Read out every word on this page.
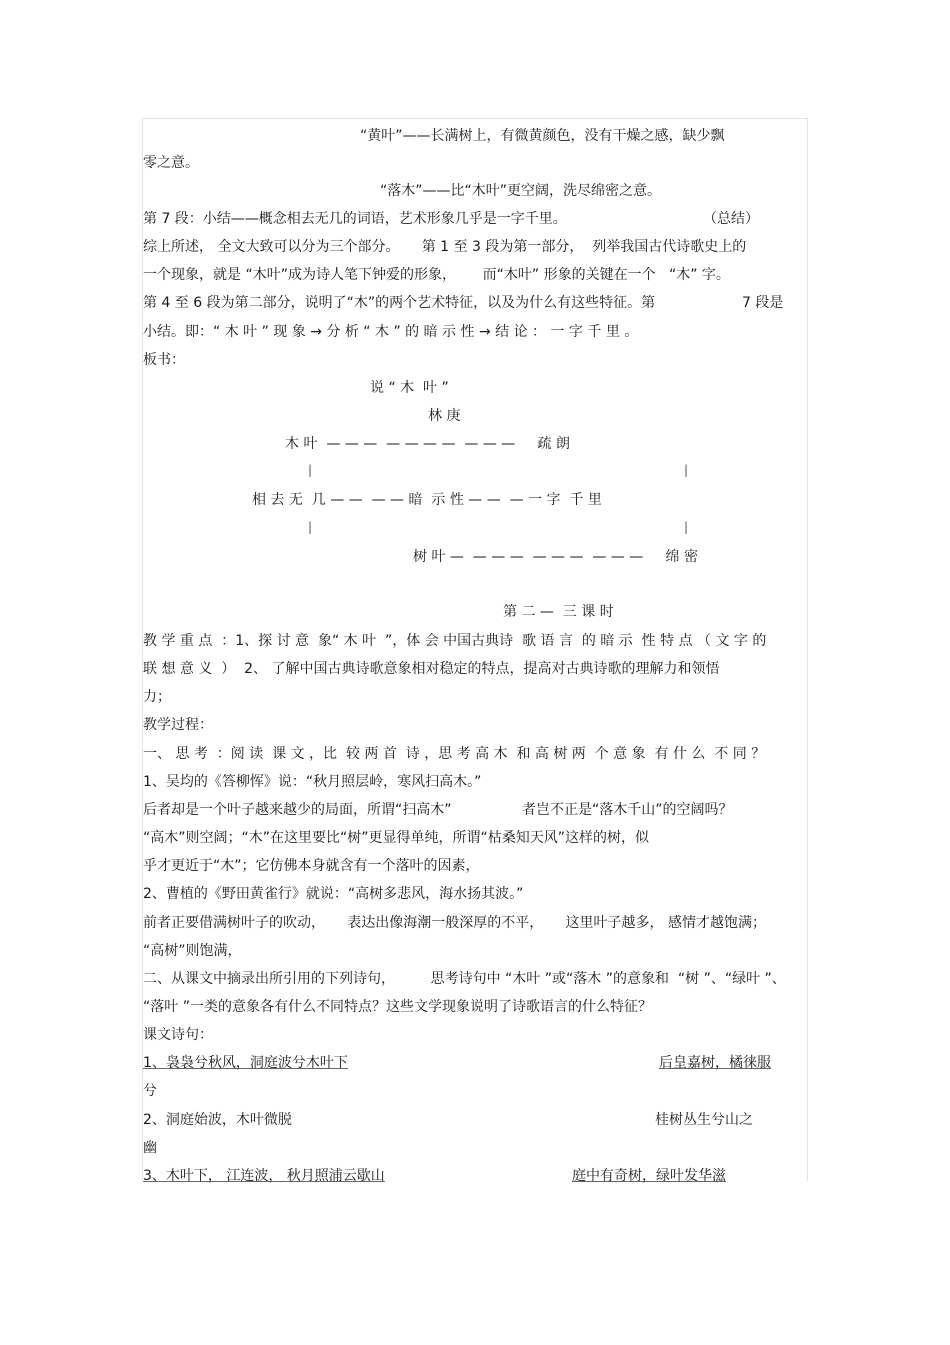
“黄叶”——长满树上，有微黄颜色，没有干燥之感，缺少飘
零之意。
“落木”——比“木叶”更空阔，洗尽绵密之意。
第 7 段：小结——概念相去无几的词语，艺术形象几乎是一字千里。	（总结）
综上所述， 全文大致可以分为三个部分。     第 1 至 3 段为第一部分，  列举我国古代诗歌史上的
一个现象，就是 “木叶”成为诗人笔下钟爱的形象，      而“木叶” 形象的关键在一个   “木” 字。
第 4 至 6 段为第二部分，说明了“木”的两个艺术特征，以及为什么有这些特征。第	7 段是
小结。即：“ 木 叶 ” 现 象 → 分 析 “ 木 ” 的 暗 示 性 → 结 论 ： 一 字 千 里 。
板书：
说 “ 木  叶 ”
林 庚
木 叶  — — —  — — — —  — — —     疏 朗
|	|
相 去 无  几 — —  — — 暗  示 性 — —  — 一 字  千 里
|	|
树 叶 —  — — —  — — —  — — —     绵 密
第 二 —  三 课 时
教 学 重 点  ：1、探 讨 意  象“ 木 叶  ”，体 会 中国古典诗  歌 语 言  的 暗 示  性 特 点 （ 文 字 的
联 想 意 义  ）  2、 了解中国古典诗歌意象相对稳定的特点，提高对古典诗歌的理解力和领悟
力；
教学过程：
一、 思 考  ：阅 读  课 文 ，比  较 两 首  诗 ，思 考 高 木  和 高 树 两  个 意 象  有 什 么  不 同 ？
1、吴均的《答柳恽》说：“秋月照层岭，寒风扫高木。”
后者却是一个叶子越来越少的局面，所谓“扫高木”	者岂不正是“落木千山”的空阔吗？
“高木”则空阔；“木”在这里要比“树”更显得单纯，所谓“枯桑知天风”这样的树，似
乎才更近于“木”；它仿佛本身就含有一个落叶的因素，
2、曹植的《野田黄雀行》就说：“高树多悲风，海水扬其波。”
前者正要借满树叶子的吹动，     表达出像海潮一般深厚的不平，     这里叶子越多， 感情才越饱满；
“高树”则饱满，
二、从课文中摘录出所引用的下列诗句，        思考诗句中 “木叶 ”或“落木 ”的意象和  “树 ”、“绿叶 ”、
“落叶 ”一类的意象各有什么不同特点？这些文学现象说明了诗歌语言的什么特征？
课文诗句：
1、袅袅兮秋风，洞庭波兮木叶下	后皇嘉树，橘徕服
兮
2、洞庭始波，木叶微脱	桂树丛生兮山之
幽
3、木叶下， 江连波， 秋月照浦云歇山	庭中有奇树，绿叶发华滋
